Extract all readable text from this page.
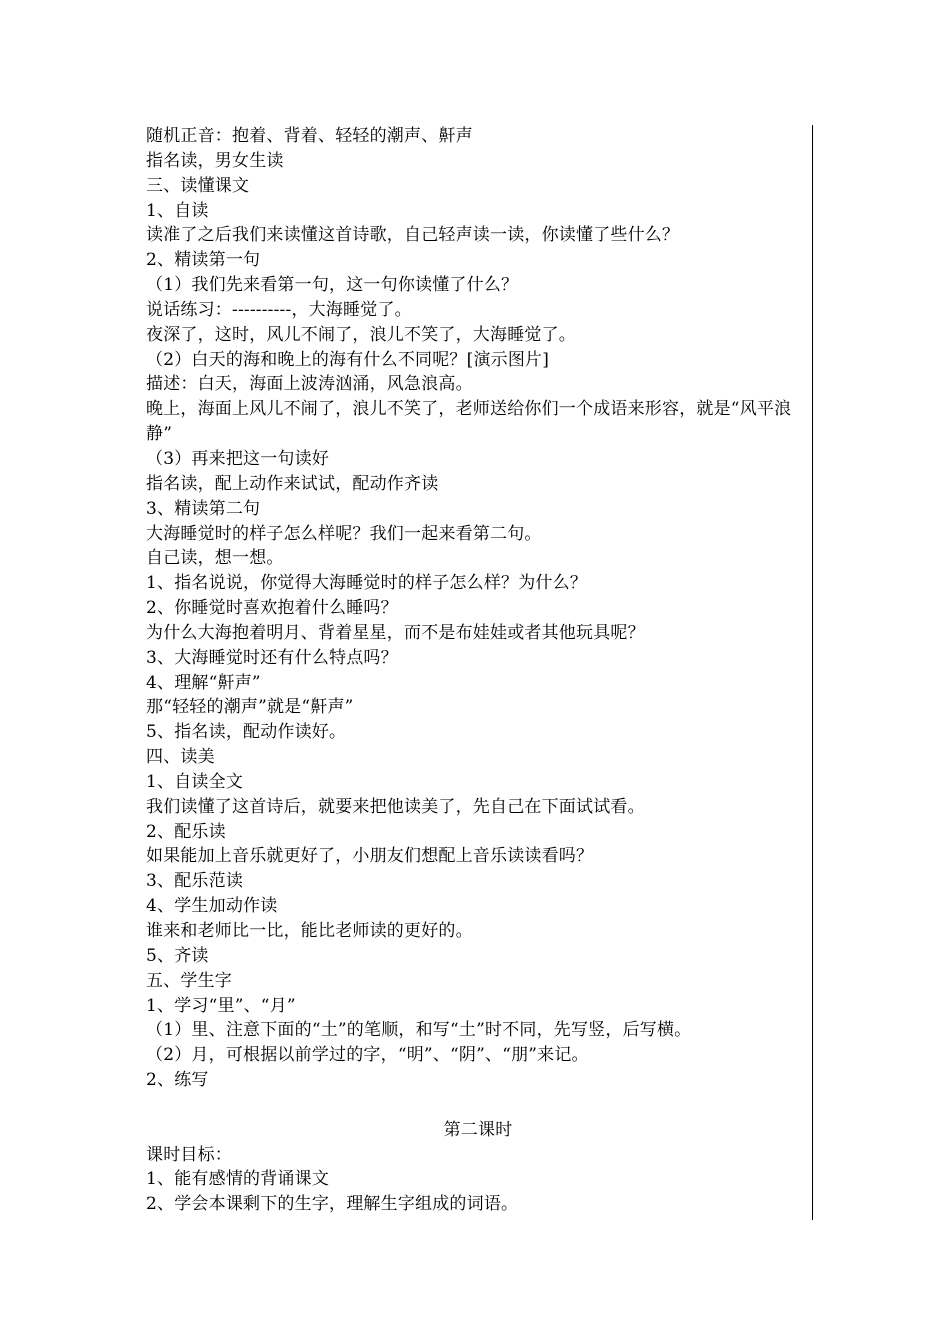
随机正音：抱着、背着、轻轻的潮声、鼾声
指名读，男女生读
三、读懂课文
1、自读
读准了之后我们来读懂这首诗歌，自己轻声读一读，你读懂了些什么？
2、精读第一句
（1）我们先来看第一句，这一句你读懂了什么？
说话练习：----------，大海睡觉了。
夜深了，这时，风儿不闹了，浪儿不笑了，大海睡觉了。
（2）白天的海和晚上的海有什么不同呢？[演示图片]
描述：白天，海面上波涛汹涌，风急浪高。
晚上，海面上风儿不闹了，浪儿不笑了，老师送给你们一个成语来形容，就是“风平浪静”
（3）再来把这一句读好
指名读，配上动作来试试，配动作齐读
3、精读第二句
大海睡觉时的样子怎么样呢？我们一起来看第二句。
自己读，想一想。
1、指名说说，你觉得大海睡觉时的样子怎么样？为什么？
2、你睡觉时喜欢抱着什么睡吗？
为什么大海抱着明月、背着星星，而不是布娃娃或者其他玩具呢？
3、大海睡觉时还有什么特点吗？
4、理解“鼾声”
那“轻轻的潮声”就是“鼾声”
5、指名读，配动作读好。
四、读美
1、自读全文
我们读懂了这首诗后，就要来把他读美了，先自己在下面试试看。
2、配乐读
如果能加上音乐就更好了，小朋友们想配上音乐读读看吗？
3、配乐范读
4、学生加动作读
谁来和老师比一比，能比老师读的更好的。
5、齐读
五、学生字
1、学习“里”、“月”
（1）里、注意下面的“土”的笔顺，和写“土”时不同，先写竖，后写横。
（2）月，可根据以前学过的字，“明”、“阴”、“朋”来记。
2、练写
第二课时
课时目标：
1、能有感情的背诵课文
2、学会本课剩下的生字，理解生字组成的词语。
